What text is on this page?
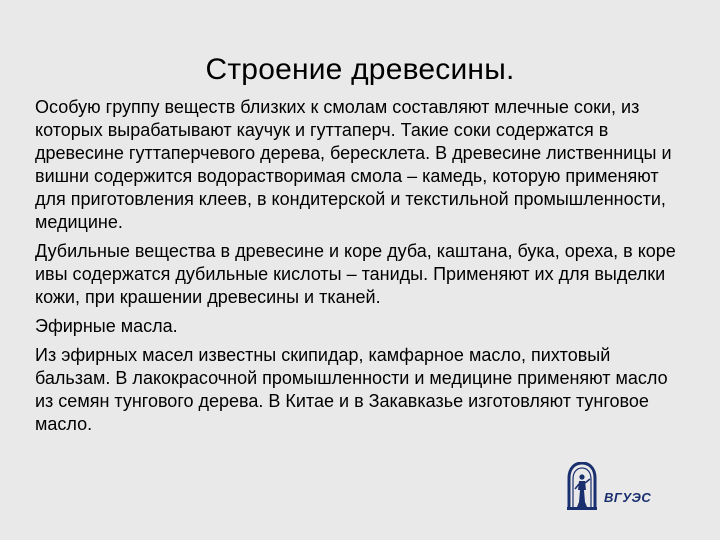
Строение древесины.

Особую группу веществ близких к смолам составляют млечные соки, из которых вырабатывают каучук и гуттаперч. Такие соки содержатся в древесине гуттаперчевого дерева, бересклета. В древесине лиственницы и вишни содержится водорастворимая смола – камедь, которую применяют для приготовления клеев, в кондитерской и текстильной промышленности, медицине.

Дубильные вещества в древесине и коре дуба, каштана, бука, ореха, в коре ивы содержатся дубильные кислоты – таниды. Применяют их для выделки кожи, при крашении древесины и тканей.

Эфирные масла.

Из эфирных масел известны скипидар, камфарное масло, пихтовый бальзам. В лакокрасочной промышленности и медицине применяют масло из семян тунгового дерева. В Китае и в Закавказье изготовляют тунговое масло.

ВГУЭС
